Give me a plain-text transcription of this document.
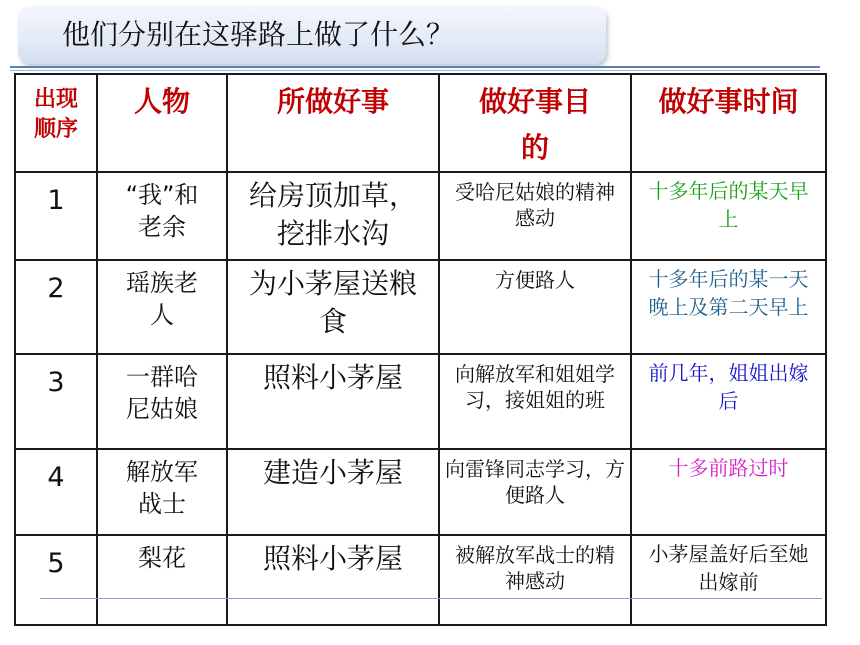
他们分别在这驿路上做了什么？
出现顺序	人物	所做好事	做好事目的	做好事时间
1	“我”和老余	给房顶加草，挖排水沟	受哈尼姑娘的精神感动	十多年后的某天早上

2	瑶族老人	为小茅屋送粮食	方便路人	十多年后的某一天晚上及第二天早上

3	一群哈尼姑娘	照料小茅屋	向解放军和姐姐学习，接姐姐的班	前几年，姐姐出嫁后

4	解放军战士	建造小茅屋	向雷锋同志学习，方便路人	十多前路过时

5	梨花	照料小茅屋	被解放军战士的精神感动	小茅屋盖好后至她出嫁前
